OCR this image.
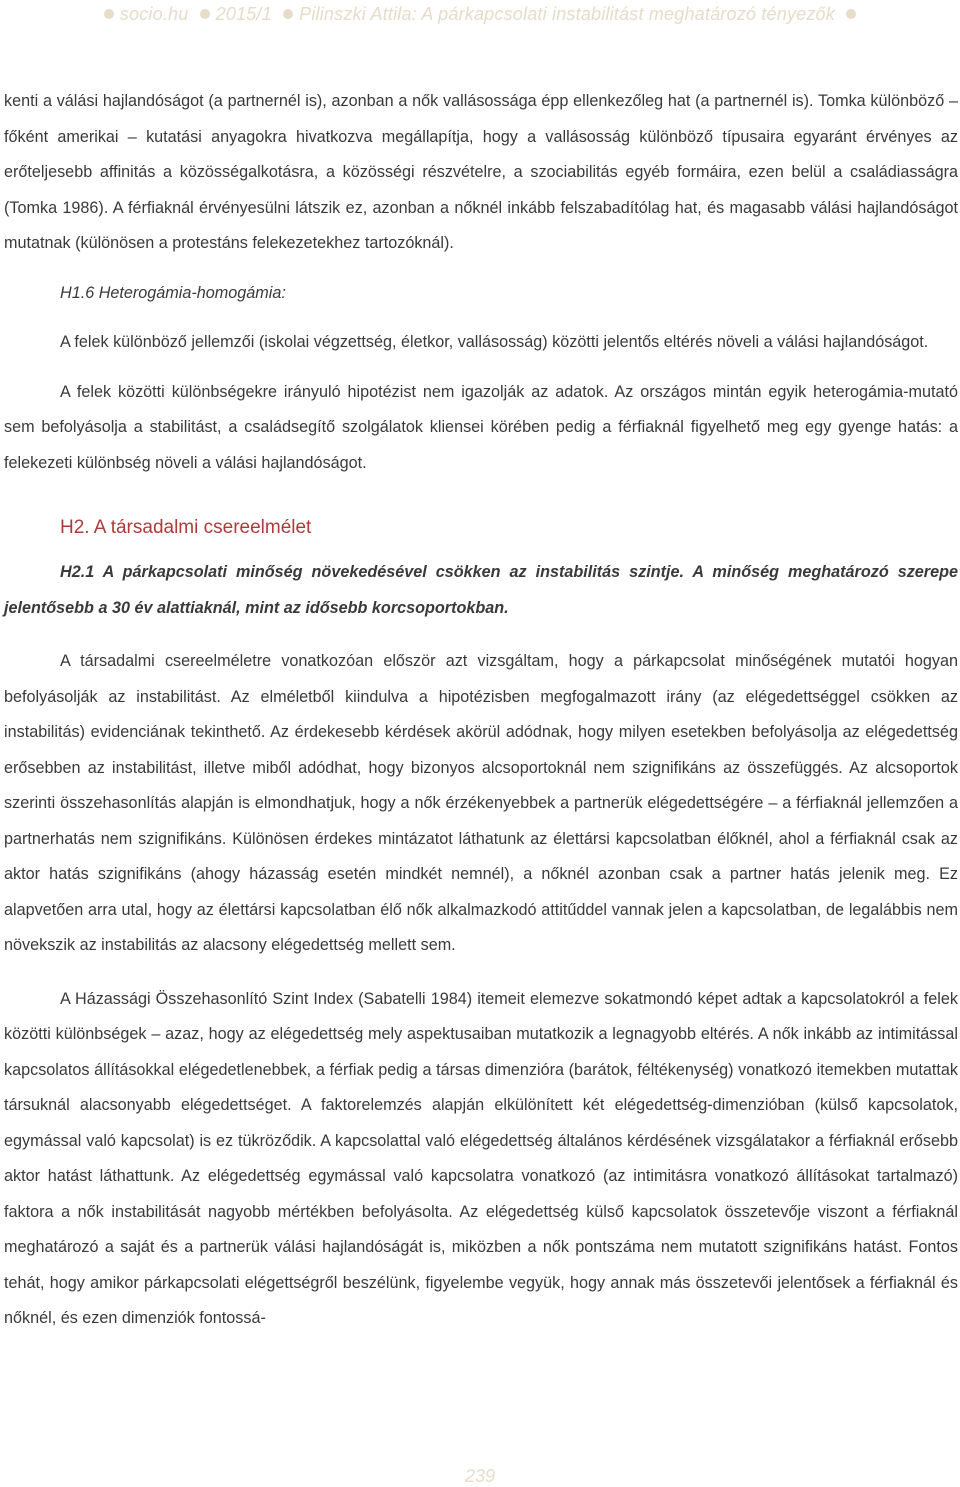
socio.hu 2015/1 Pilinszki Attila: A párkapcsolati instabilitást meghatározó tényezők

kenti a válási hajlandóságot (a partnernél is), azonban a nők vallásossága épp ellenkezőleg hat (a partnernél is). Tomka különböző – főként amerikai – kutatási anyagokra hivatkozva megállapítja, hogy a vallásosság különböző típusaira egyaránt érvényes az erőteljesebb affinitás a közösségalkotásra, a közösségi részvételre, a szociabilitás egyéb formáira, ezen belül a családiasságra (Tomka 1986). A férfiaknál érvényesülni látszik ez, azonban a nőknél inkább felszabadítólag hat, és magasabb válási hajlandóságot mutatnak (különösen a protestáns felekezetekhez tartozóknál).

H1.6 Heterogámia-homogámia:

A felek különböző jellemzői (iskolai végzettség, életkor, vallásosság) közötti jelentős eltérés növeli a válási hajlandóságot.

A felek közötti különbségekre irányuló hipotézist nem igazolják az adatok. Az országos mintán egyik heterogámia-mutató sem befolyásolja a stabilitást, a családsegítő szolgálatok kliensei körében pedig a férfiaknál figyelhető meg egy gyenge hatás: a felekezeti különbség növeli a válási hajlandóságot.

H2. A társadalmi csereelmélet

H2.1 A párkapcsolati minőség növekedésével csökken az instabilitás szintje. A minőség meghatározó szerepe jelentősebb a 30 év alattiaknál, mint az idősebb korcsoportokban.

A társadalmi csereelméletre vonatkozóan először azt vizsgáltam, hogy a párkapcsolat minőségének mutatói hogyan befolyásolják az instabilitást. Az elméletből kiindulva a hipotézisben megfogalmazott irány (az elégedettséggel csökken az instabilitás) evidenciának tekinthető. Az érdekesebb kérdések akörül adódnak, hogy milyen esetekben befolyásolja az elégedettség erősebben az instabilitást, illetve miből adódhat, hogy bizonyos alcsoportoknál nem szignifikáns az összefüggés. Az alcsoportok szerinti összehasonlítás alapján is elmondhatjuk, hogy a nők érzékenyebbek a partnerük elégedettségére – a férfiaknál jellemzően a partnerhatás nem szignifikáns. Különösen érdekes mintázatot láthatunk az élettársi kapcsolatban élőknél, ahol a férfiaknál csak az aktor hatás szignifikáns (ahogy házasság esetén mindkét nemnél), a nőknél azonban csak a partner hatás jelenik meg. Ez alapvetően arra utal, hogy az élettársi kapcsolatban élő nők alkalmazkodó attitűddel vannak jelen a kapcsolatban, de legalábbis nem növekszik az instabilitás az alacsony elégedettség mellett sem.

A Házassági Összehasonlító Szint Index (Sabatelli 1984) itemeit elemezve sokatmondó képet adtak a kapcsolatokról a felek közötti különbségek – azaz, hogy az elégedettség mely aspektusaiban mutatkozik a legnagyobb eltérés. A nők inkább az intimitással kapcsolatos állításokkal elégedetlenebbek, a férfiak pedig a társas dimenzióra (barátok, féltékenység) vonatkozó itemekben mutattak társuknál alacsonyabb elégedettséget. A faktorelemzés alapján elkülönített két elégedettség-dimenzióban (külső kapcsolatok, egymással való kapcsolat) is ez tükröződik. A kapcsolattal való elégedettség általános kérdésének vizsgálatakor a férfiaknál erősebb aktor hatást láthattunk. Az elégedettség egymással való kapcsolatra vonatkozó (az intimitásra vonatkozó állításokat tartalmazó) faktora a nők instabilitását nagyobb mértékben befolyásolta. Az elégedettség külső kapcsolatok összetevője viszont a férfiaknál meghatározó a saját és a partnerük válási hajlandóságát is, miközben a nők pontszáma nem mutatott szignifikáns hatást. Fontos tehát, hogy amikor párkapcsolati elégettségről beszélünk, figyelembe vegyük, hogy annak más összetevői jelentősek a férfiaknál és nőknél, és ezen dimenziók fontossá-

239
